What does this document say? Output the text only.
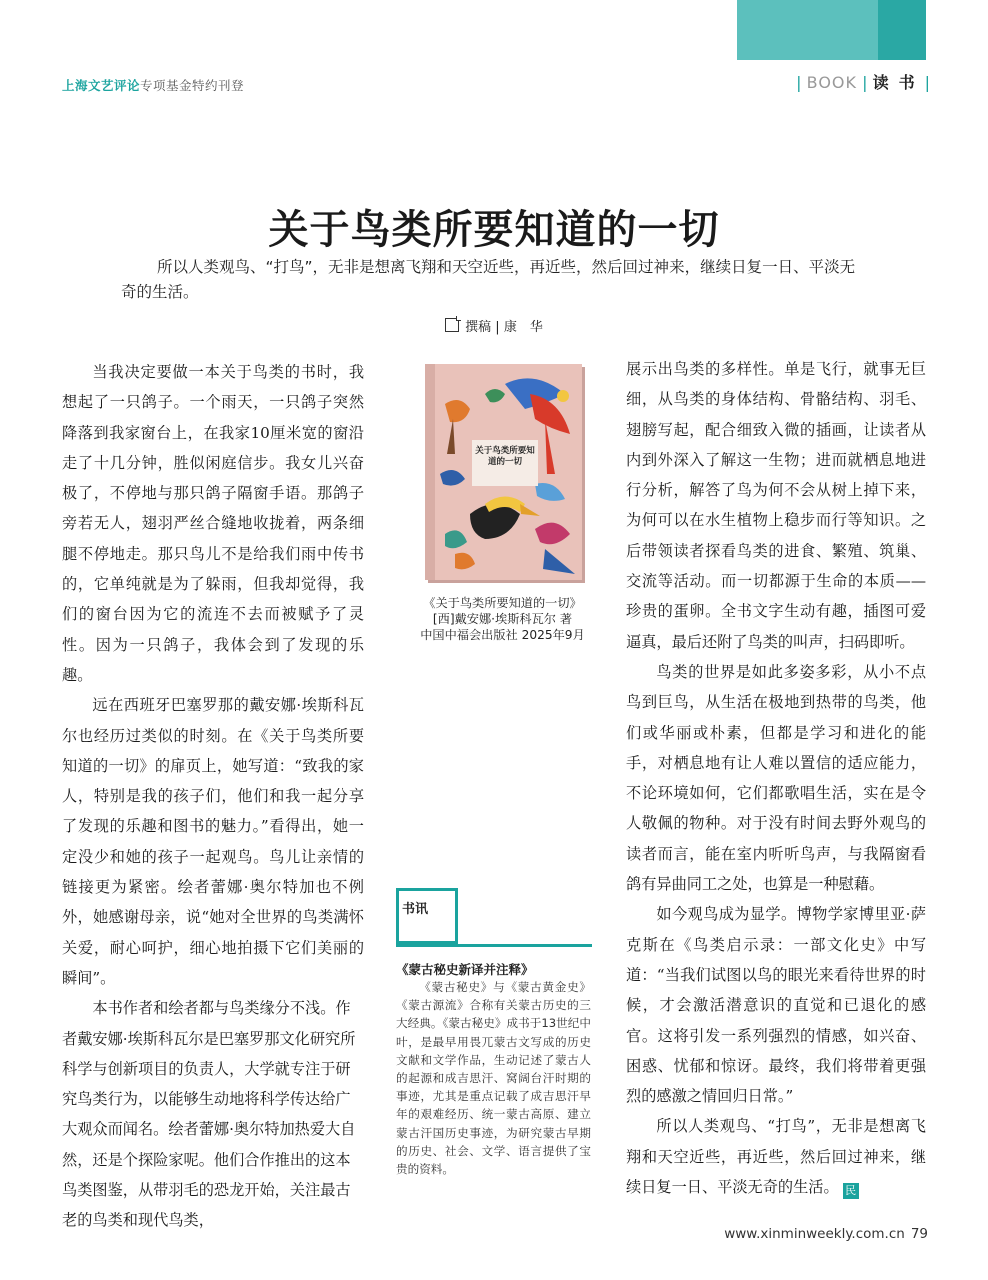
上海文艺评论专项基金特约刊登	| BOOK | 读书|
关于鸟类所要知道的一切
所以人类观鸟、“打鸟”，无非是想离飞翔和天空近些，再近些，然后回过神来，继续日复一日、平淡无奇的生活。
撰稿 | 康　华

当我决定要做一本关于鸟类的书时，我想起了一只鸽子。一个雨天，一只鸽子突然降落到我家窗台上，在我家10厘米宽的窗沿走了十几分钟，胜似闲庭信步。我女儿兴奋极了，不停地与那只鸽子隔窗手语。那鸽子旁若无人，翅羽严丝合缝地收拢着，两条细腿不停地走。那只鸟儿不是给我们雨中传书的，它单纯就是为了躲雨，但我却觉得，我们的窗台因为它的流连不去而被赋予了灵性。因为一只鸽子，我体会到了发现的乐趣。

远在西班牙巴塞罗那的戴安娜·埃斯科瓦尔也经历过类似的时刻。在《关于鸟类所要知道的一切》的扉页上，她写道：“致我的家人，特别是我的孩子们，他们和我一起分享了发现的乐趣和图书的魅力。”看得出，她一定没少和她的孩子一起观鸟。鸟儿让亲情的链接更为紧密。绘者蕾娜·奥尔特加也不例外，她感谢母亲，说“她对全世界的鸟类满怀关爱，耐心呵护，细心地拍摄下它们美丽的瞬间”。

本书作者和绘者都与鸟类缘分不浅。作者戴安娜·埃斯科瓦尔是巴塞罗那文化研究所科学与创新项目的负责人，大学就专注于研究鸟类行为，以能够生动地将科学传达给广大观众而闻名。绘者蕾娜·奥尔特加热爱大自然，还是个探险家呢。他们合作推出的这本鸟类图鉴，从带羽毛的恐龙开始，关注最古老的鸟类和现代鸟类，

关于鸟类所要知道的一切
《关于鸟类所要知道的一切》
[西]戴安娜·埃斯科瓦尔 著
中国中福会出版社 2025年9月
书讯
《蒙古秘史新译并注释》
《蒙古秘史》与《蒙古黄金史》《蒙古源流》合称有关蒙古历史的三大经典。《蒙古秘史》成书于13世纪中叶，是最早用畏兀蒙古文写成的历史文献和文学作品，生动记述了蒙古人的起源和成吉思汗、窝阔台汗时期的事迹，尤其是重点记载了成吉思汗早年的艰难经历、统一蒙古高原、建立蒙古汗国历史事迹，为研究蒙古早期的历史、社会、文学、语言提供了宝贵的资料。

展示出鸟类的多样性。单是飞行，就事无巨细，从鸟类的身体结构、骨骼结构、羽毛、翅膀写起，配合细致入微的插画，让读者从内到外深入了解这一生物；进而就栖息地进行分析，解答了鸟为何不会从树上掉下来，为何可以在水生植物上稳步而行等知识。之后带领读者探看鸟类的进食、繁殖、筑巢、交流等活动。而一切都源于生命的本质——珍贵的蛋卵。全书文字生动有趣，插图可爱逼真，最后还附了鸟类的叫声，扫码即听。

鸟类的世界是如此多姿多彩，从小不点鸟到巨鸟，从生活在极地到热带的鸟类，他们或华丽或朴素，但都是学习和进化的能手，对栖息地有让人难以置信的适应能力，不论环境如何，它们都歌唱生活，实在是令人敬佩的物种。对于没有时间去野外观鸟的读者而言，能在室内听听鸟声，与我隔窗看鸽有异曲同工之处，也算是一种慰藉。

如今观鸟成为显学。博物学家博里亚·萨克斯在《鸟类启示录：一部文化史》中写道：“当我们试图以鸟的眼光来看待世界的时候，才会激活潜意识的直觉和已退化的感官。这将引发一系列强烈的情感，如兴奋、困惑、忧郁和惊讶。最终，我们将带着更强烈的感激之情回归日常。”

所以人类观鸟、“打鸟”，无非是想离飞翔和天空近些，再近些，然后回过神来，继续日复一日、平淡无奇的生活。 民

www.xinminweekly.com.cn 79
